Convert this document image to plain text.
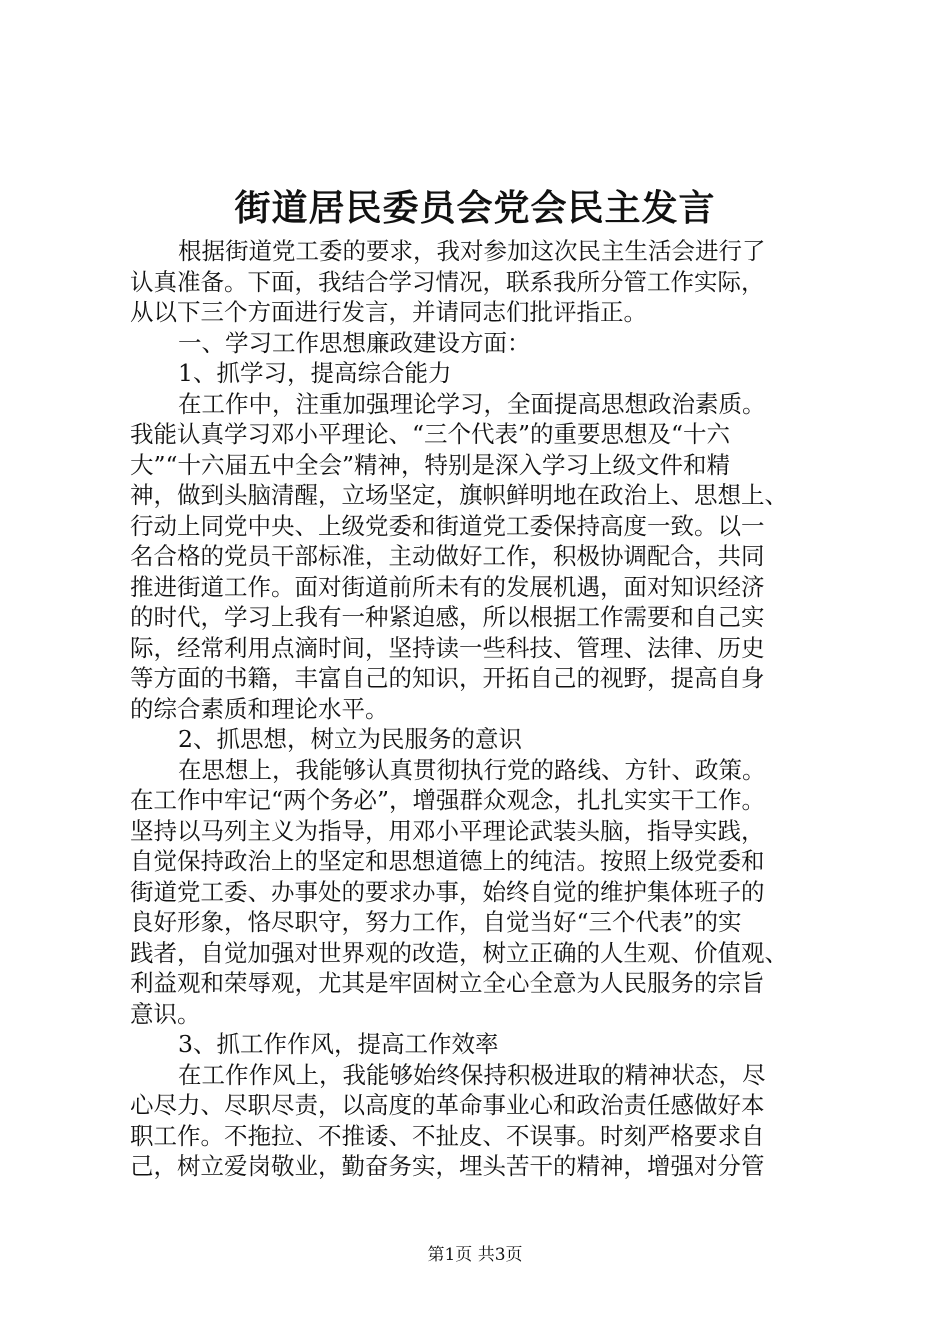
街道居民委员会党会民主发言
根据街道党工委的要求，我对参加这次民主生活会进行了
认真准备。下面，我结合学习情况，联系我所分管工作实际，
从以下三个方面进行发言，并请同志们批评指正。
一、学习工作思想廉政建设方面：
1、抓学习，提高综合能力
在工作中，注重加强理论学习，全面提高思想政治素质。
我能认真学习邓小平理论、“三个代表”的重要思想及“十六
大”“十六届五中全会”精神，特别是深入学习上级文件和精
神，做到头脑清醒，立场坚定，旗帜鲜明地在政治上、思想上、
行动上同党中央、上级党委和街道党工委保持高度一致。以一
名合格的党员干部标准，主动做好工作，积极协调配合，共同
推进街道工作。面对街道前所未有的发展机遇，面对知识经济
的时代，学习上我有一种紧迫感，所以根据工作需要和自己实
际，经常利用点滴时间，坚持读一些科技、管理、法律、历史
等方面的书籍，丰富自己的知识，开拓自己的视野，提高自身
的综合素质和理论水平。
2、抓思想，树立为民服务的意识
在思想上，我能够认真贯彻执行党的路线、方针、政策。
在工作中牢记“两个务必”，增强群众观念，扎扎实实干工作。
坚持以马列主义为指导，用邓小平理论武装头脑，指导实践，
自觉保持政治上的坚定和思想道德上的纯洁。按照上级党委和
街道党工委、办事处的要求办事，始终自觉的维护集体班子的
良好形象，恪尽职守，努力工作，自觉当好“三个代表”的实
践者，自觉加强对世界观的改造，树立正确的人生观、价值观、
利益观和荣辱观，尤其是牢固树立全心全意为人民服务的宗旨
意识。
3、抓工作作风，提高工作效率
在工作作风上，我能够始终保持积极进取的精神状态，尽
心尽力、尽职尽责，以高度的革命事业心和政治责任感做好本
职工作。不拖拉、不推诿、不扯皮、不误事。时刻严格要求自
己，树立爱岗敬业，勤奋务实，埋头苦干的精神，增强对分管
第1页 共3页
